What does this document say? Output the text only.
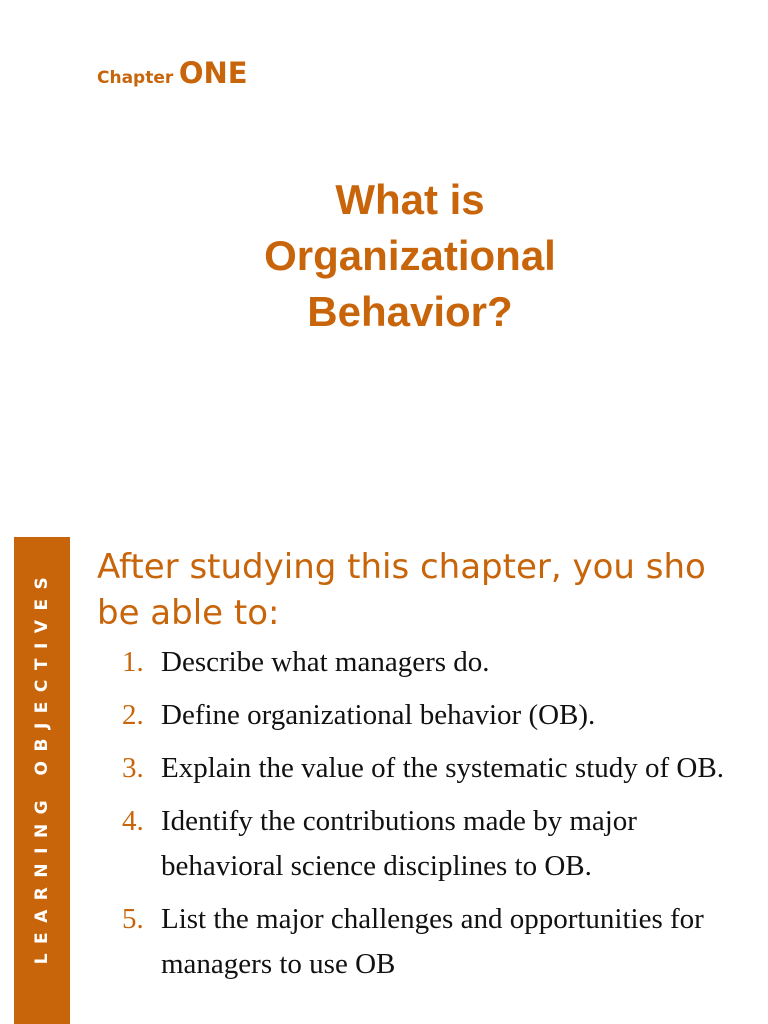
Chapter ONE
What is
Organizational
Behavior?
LEARNING OBJECTIVES
After studying this chapter, you sho
be able to:
1. Describe what managers do.
2. Define organizational behavior (OB).
3. Explain the value of the systematic study of OB.
4. Identify the contributions made by major behavioral science disciplines to OB.
5. List the major challenges and opportunities for managers to use OB
